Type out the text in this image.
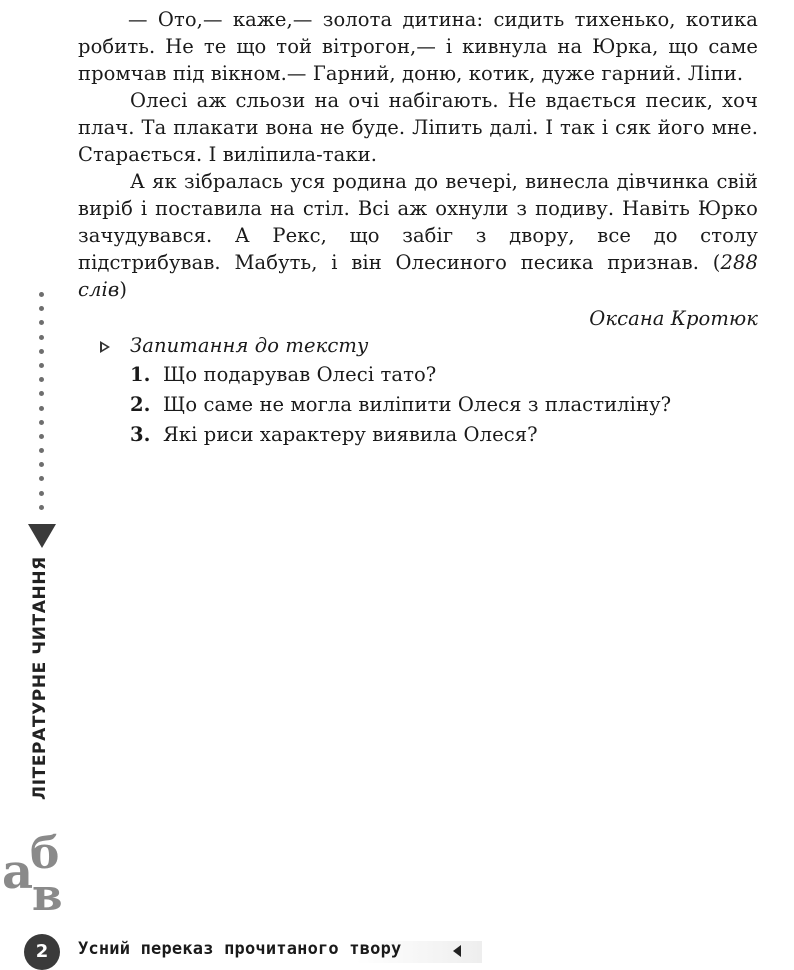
— Ото,— каже,— золота дитина: сидить тихенько, котика робить. Не те що той вітрогон,— і кивнула на Юрка, що саме промчав під вікном.— Гарний, доню, котик, дуже гарний. Ліпи.

Олесі аж сльози на очі набігають. Не вдається песик, хоч плач. Та плакати вона не буде. Ліпить далі. І так і сяк його мне. Старається. І виліпила-таки.

А як зібралась уся родина до вечері, винесла дівчинка свій виріб і поставила на стіл. Всі аж охнули з подиву. Навіть Юрко зачудувався. А Рекс, що забіг з двору, все до столу підстрибував. Мабуть, і він Олесиного песика признав. (288 слів)

Оксана Кротюк

Запитання до тексту
1. Що подарував Олесі тато?
2. Що саме не могла виліпити Олеся з пластиліну?
3. Які риси характеру виявила Олеся?
ЛІТЕРАТУРНЕ ЧИТАННЯ
а
б
в
2	Усний переказ прочитаного твору
